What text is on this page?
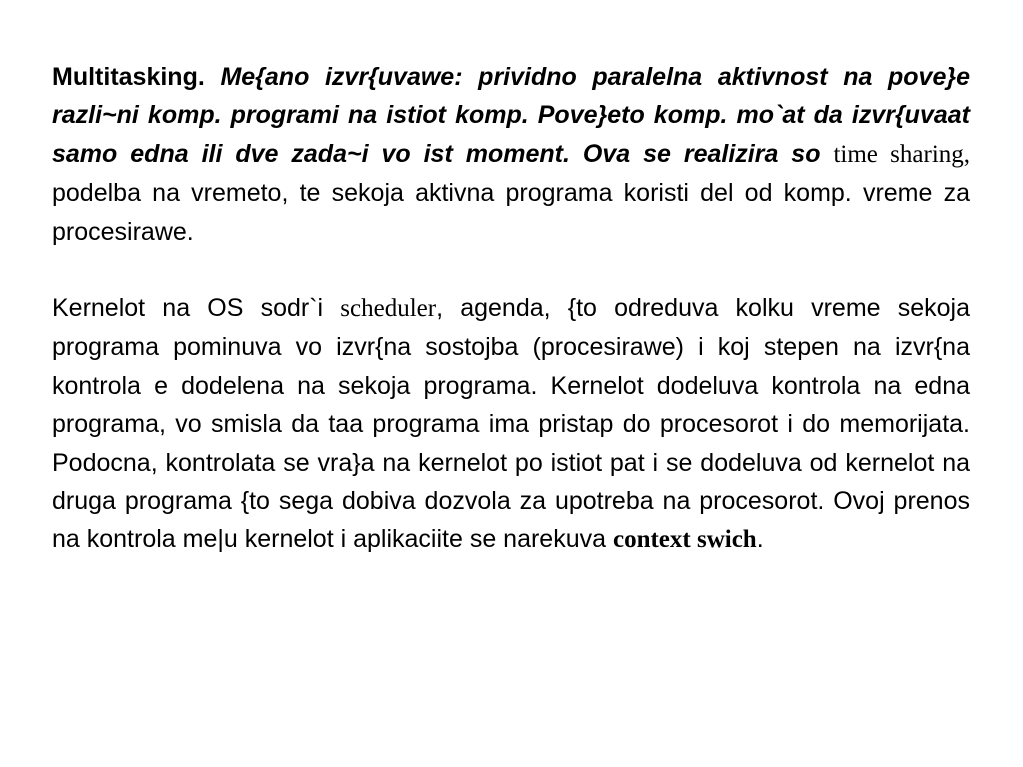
Multitasking. Me{ano izvr{uvawe: prividno paralelna aktivnost na pove}e razli~ni komp. programi na istiot komp. Pove}eto komp. mo`at da izvr{uvaat samo edna ili dve zada~i vo ist moment. Ova se realizira so time sharing, podelba na vremeto, te sekoja aktivna programa koristi del od komp. vreme za procesirawe.

Kernelot na OS sodr`i scheduler, agenda, {to odreduva kolku vreme sekoja programa pominuva vo izvr{na sostojba (procesirawe) i koj stepen na izvr{na kontrola e dodelena na sekoja programa. Kernelot dodeluva kontrola na edna programa, vo smisla da taa programa ima pristap do procesorot i do memorijata. Podocna, kontrolata se vra}a na kernelot po istiot pat i se dodeluva od kernelot na druga programa {to sega dobiva dozvola za upotreba na procesorot. Ovoj prenos na kontrola me|u kernelot i aplikaciite se narekuva context swich.
